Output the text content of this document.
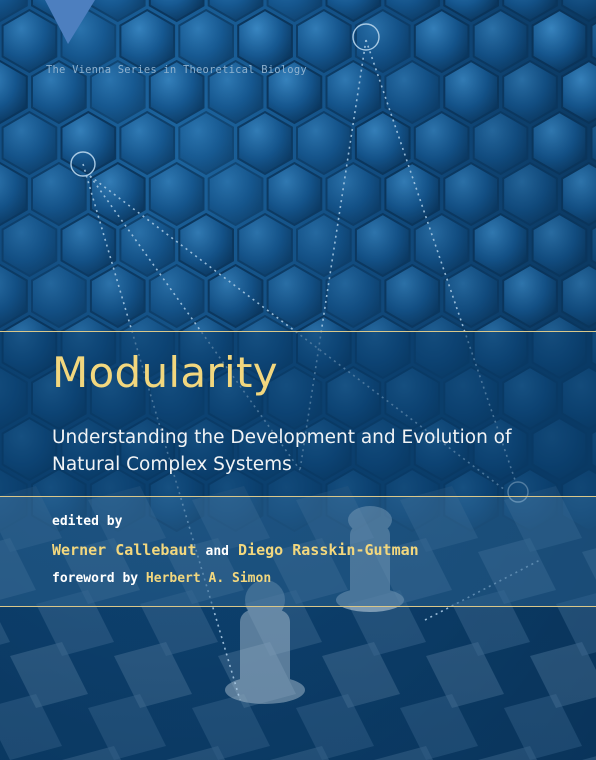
The Vienna Series in Theoretical Biology
Modularity
Understanding the Development and Evolution of Natural Complex Systems
edited by
Werner Callebaut and Diego Rasskin-Gutman
foreword by Herbert A. Simon
